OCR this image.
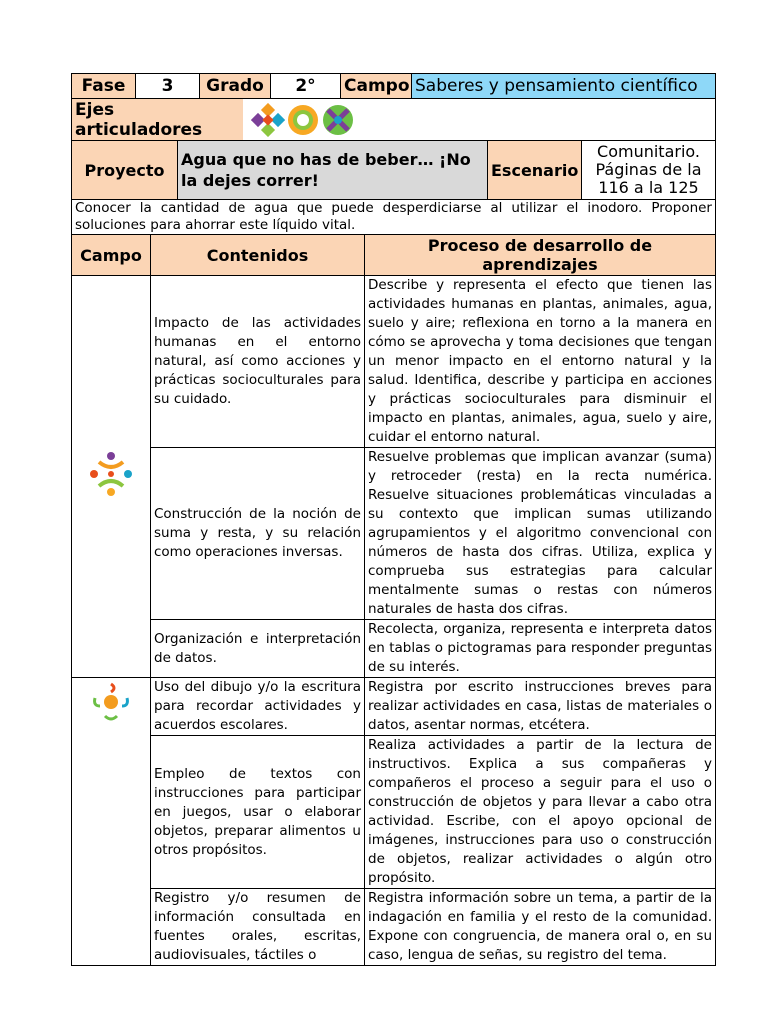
Fase	3	Grado	2°	Campo	Saberes y pensamiento científico
Ejes articuladores	
Proyecto	Agua que no has de beber… ¡No la dejes correr!	Escenario	Comunitario. Páginas de la 116 a la 125
Conocer la cantidad de agua que puede desperdiciarse al utilizar el inodoro. Proponer soluciones para ahorrar este líquido vital.
Campo	Contenidos	Proceso de desarrollo de aprendizajes
	Impacto de las actividades humanas en el entorno natural, así como acciones y prácticas socioculturales para su cuidado.	Describe y representa el efecto que tienen las actividades humanas en plantas, animales, agua, suelo y aire; reflexiona en torno a la manera en cómo se aprovecha y toma decisiones que tengan un menor impacto en el entorno natural y la salud. Identifica, describe y participa en acciones y prácticas socioculturales para disminuir el impacto en plantas, animales, agua, suelo y aire, cuidar el entorno natural.
	Construcción de la noción de suma y resta, y su relación como operaciones inversas.	Resuelve problemas que implican avanzar (suma) y retroceder (resta) en la recta numérica. Resuelve situaciones problemáticas vinculadas a su contexto que implican sumas utilizando agrupamientos y el algoritmo convencional con números de hasta dos cifras. Utiliza, explica y comprueba sus estrategias para calcular mentalmente sumas o restas con números naturales de hasta dos cifras.
	Organización e interpretación de datos.	Recolecta, organiza, representa e interpreta datos en tablas o pictogramas para responder preguntas de su interés.
	Uso del dibujo y/o la escritura para recordar actividades y acuerdos escolares.	Registra por escrito instrucciones breves para realizar actividades en casa, listas de materiales o datos, asentar normas, etcétera.
	Empleo de textos con instrucciones para participar en juegos, usar o elaborar objetos, preparar alimentos u otros propósitos.	Realiza actividades a partir de la lectura de instructivos. Explica a sus compañeras y compañeros el proceso a seguir para el uso o construcción de objetos y para llevar a cabo otra actividad. Escribe, con el apoyo opcional de imágenes, instrucciones para uso o construcción de objetos, realizar actividades o algún otro propósito.
	Registro y/o resumen de información consultada en fuentes orales, escritas, audiovisuales, táctiles o	Registra información sobre un tema, a partir de la indagación en familia y el resto de la comunidad. Expone con congruencia, de manera oral o, en su caso, lengua de señas, su registro del tema.
